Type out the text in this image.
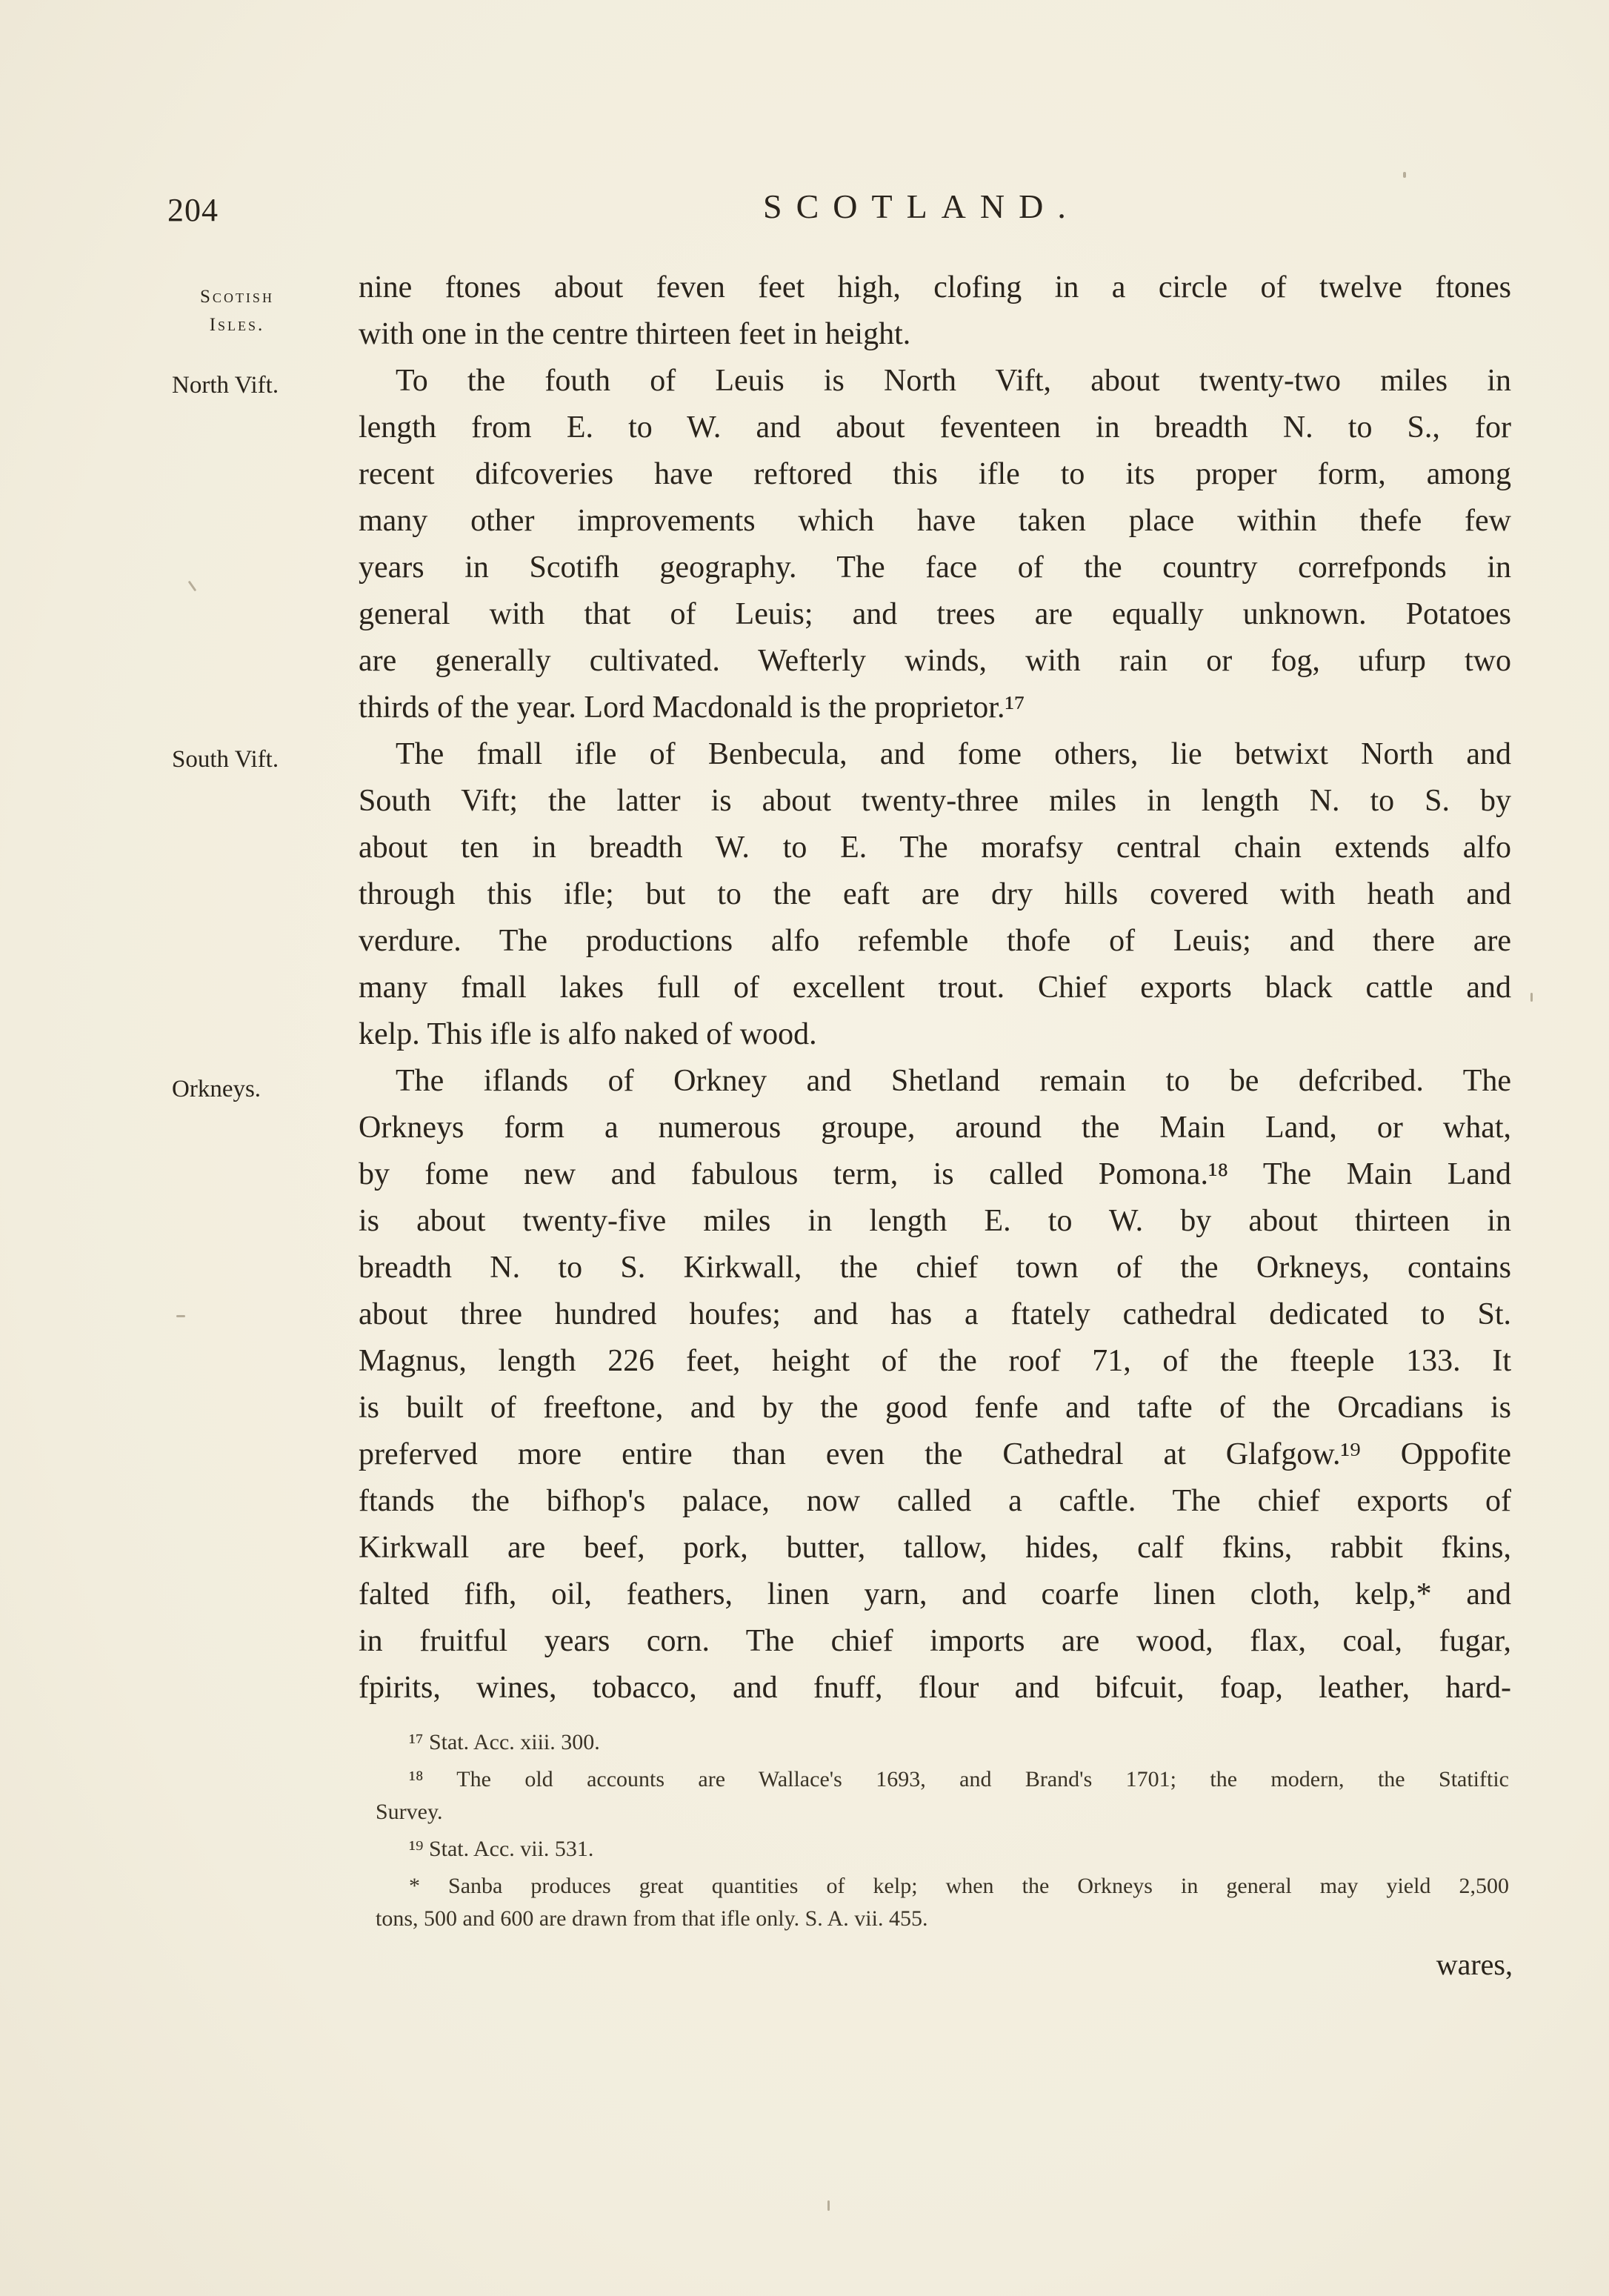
204	SCOTLAND.
Scotish
Isles.
North Vift.
South Vift.
Orkneys.
nine ftones about feven feet high, clofing in a circle of twelve ftones
with one in the centre thirteen feet in height.
To the fouth of Leuis is North Vift, about twenty-two miles in
length from E. to W. and about feventeen in breadth N. to S., for
recent difcoveries have reftored this ifle to its proper form, among
many other improvements which have taken place within thefe few
years in Scotifh geography. The face of the country correfponds in
general with that of Leuis; and trees are equally unknown. Potatoes
are generally cultivated. Wefterly winds, with rain or fog, ufurp two
thirds of the year. Lord Macdonald is the proprietor.¹⁷
The fmall ifle of Benbecula, and fome others, lie betwixt North and
South Vift; the latter is about twenty-three miles in length N. to S. by
about ten in breadth W. to E. The morafsy central chain extends alfo
through this ifle; but to the eaft are dry hills covered with heath and
verdure. The productions alfo refemble thofe of Leuis; and there are
many fmall lakes full of excellent trout. Chief exports black cattle and
kelp. This ifle is alfo naked of wood.
The iflands of Orkney and Shetland remain to be defcribed. The
Orkneys form a numerous groupe, around the Main Land, or what,
by fome new and fabulous term, is called Pomona.¹⁸ The Main Land
is about twenty-five miles in length E. to W. by about thirteen in
breadth N. to S. Kirkwall, the chief town of the Orkneys, contains
about three hundred houfes; and has a ftately cathedral dedicated to St.
Magnus, length 226 feet, height of the roof 71, of the fteeple 133. It
is built of freeftone, and by the good fenfe and tafte of the Orcadians is
preferved more entire than even the Cathedral at Glafgow.¹⁹ Oppofite
ftands the bifhop's palace, now called a caftle. The chief exports of
Kirkwall are beef, pork, butter, tallow, hides, calf fkins, rabbit fkins,
falted fifh, oil, feathers, linen yarn, and coarfe linen cloth, kelp,* and
in fruitful years corn. The chief imports are wood, flax, coal, fugar,
fpirits, wines, tobacco, and fnuff, flour and bifcuit, foap, leather, hard-
¹⁷ Stat. Acc. xiii. 300.
¹⁸ The old accounts are Wallace's 1693, and Brand's 1701; the modern, the Statiftic
Survey.
¹⁹ Stat. Acc. vii. 531.
* Sanba produces great quantities of kelp; when the Orkneys in general may yield 2,500
tons, 500 and 600 are drawn from that ifle only. S. A. vii. 455.
wares,
